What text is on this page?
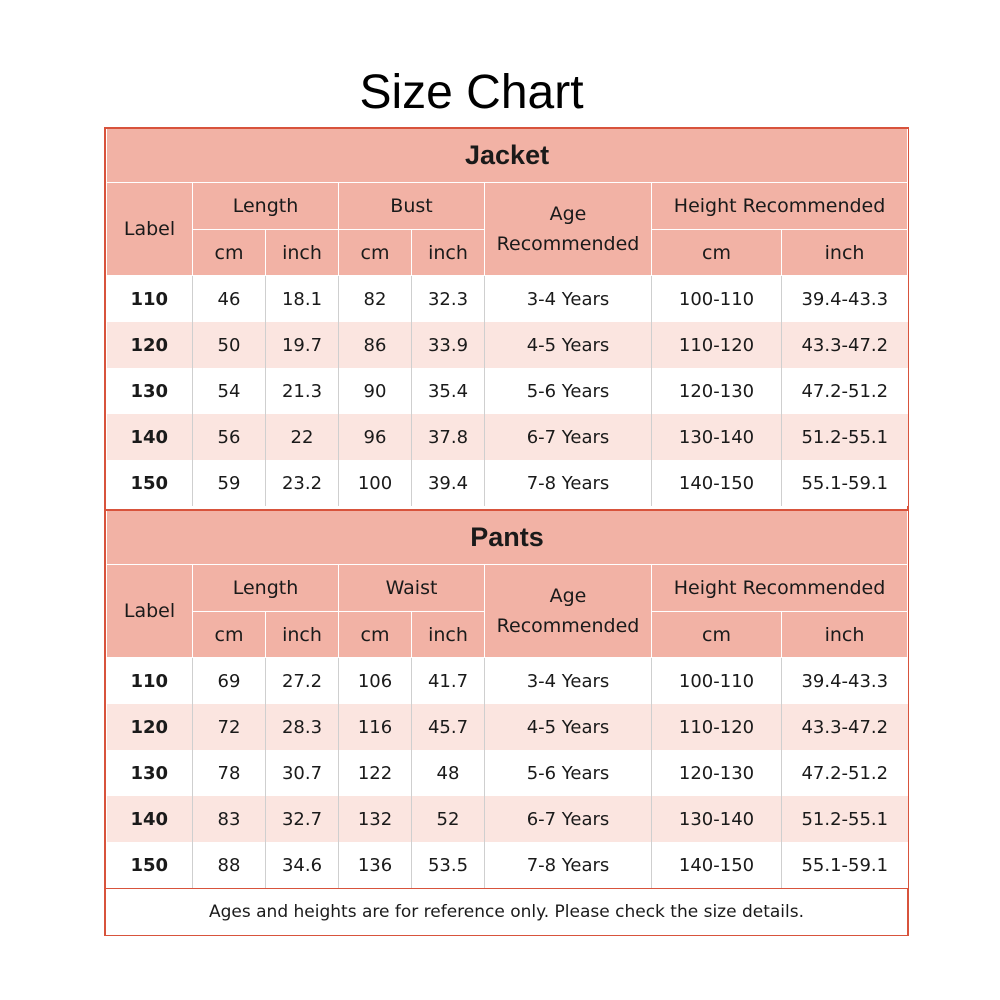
Size Chart
Jacket							
Label	Length		Bust		Age Recommended	Height Recommended	
	cm	inch	cm	inch		cm	inch
110	46	18.1	82	32.3	3-4 Years	100-110	39.4-43.3
120	50	19.7	86	33.9	4-5 Years	110-120	43.3-47.2
130	54	21.3	90	35.4	5-6 Years	120-130	47.2-51.2
140	56	22	96	37.8	6-7 Years	130-140	51.2-55.1
150	59	23.2	100	39.4	7-8 Years	140-150	55.1-59.1
Pants							
Label	Length		Waist		Age Recommended	Height Recommended	
	cm	inch	cm	inch		cm	inch
110	69	27.2	106	41.7	3-4 Years	100-110	39.4-43.3
120	72	28.3	116	45.7	4-5 Years	110-120	43.3-47.2
130	78	30.7	122	48	5-6 Years	120-130	47.2-51.2
140	83	32.7	132	52	6-7 Years	130-140	51.2-55.1
150	88	34.6	136	53.5	7-8 Years	140-150	55.1-59.1
Ages and heights are for reference only. Please check the size details.
